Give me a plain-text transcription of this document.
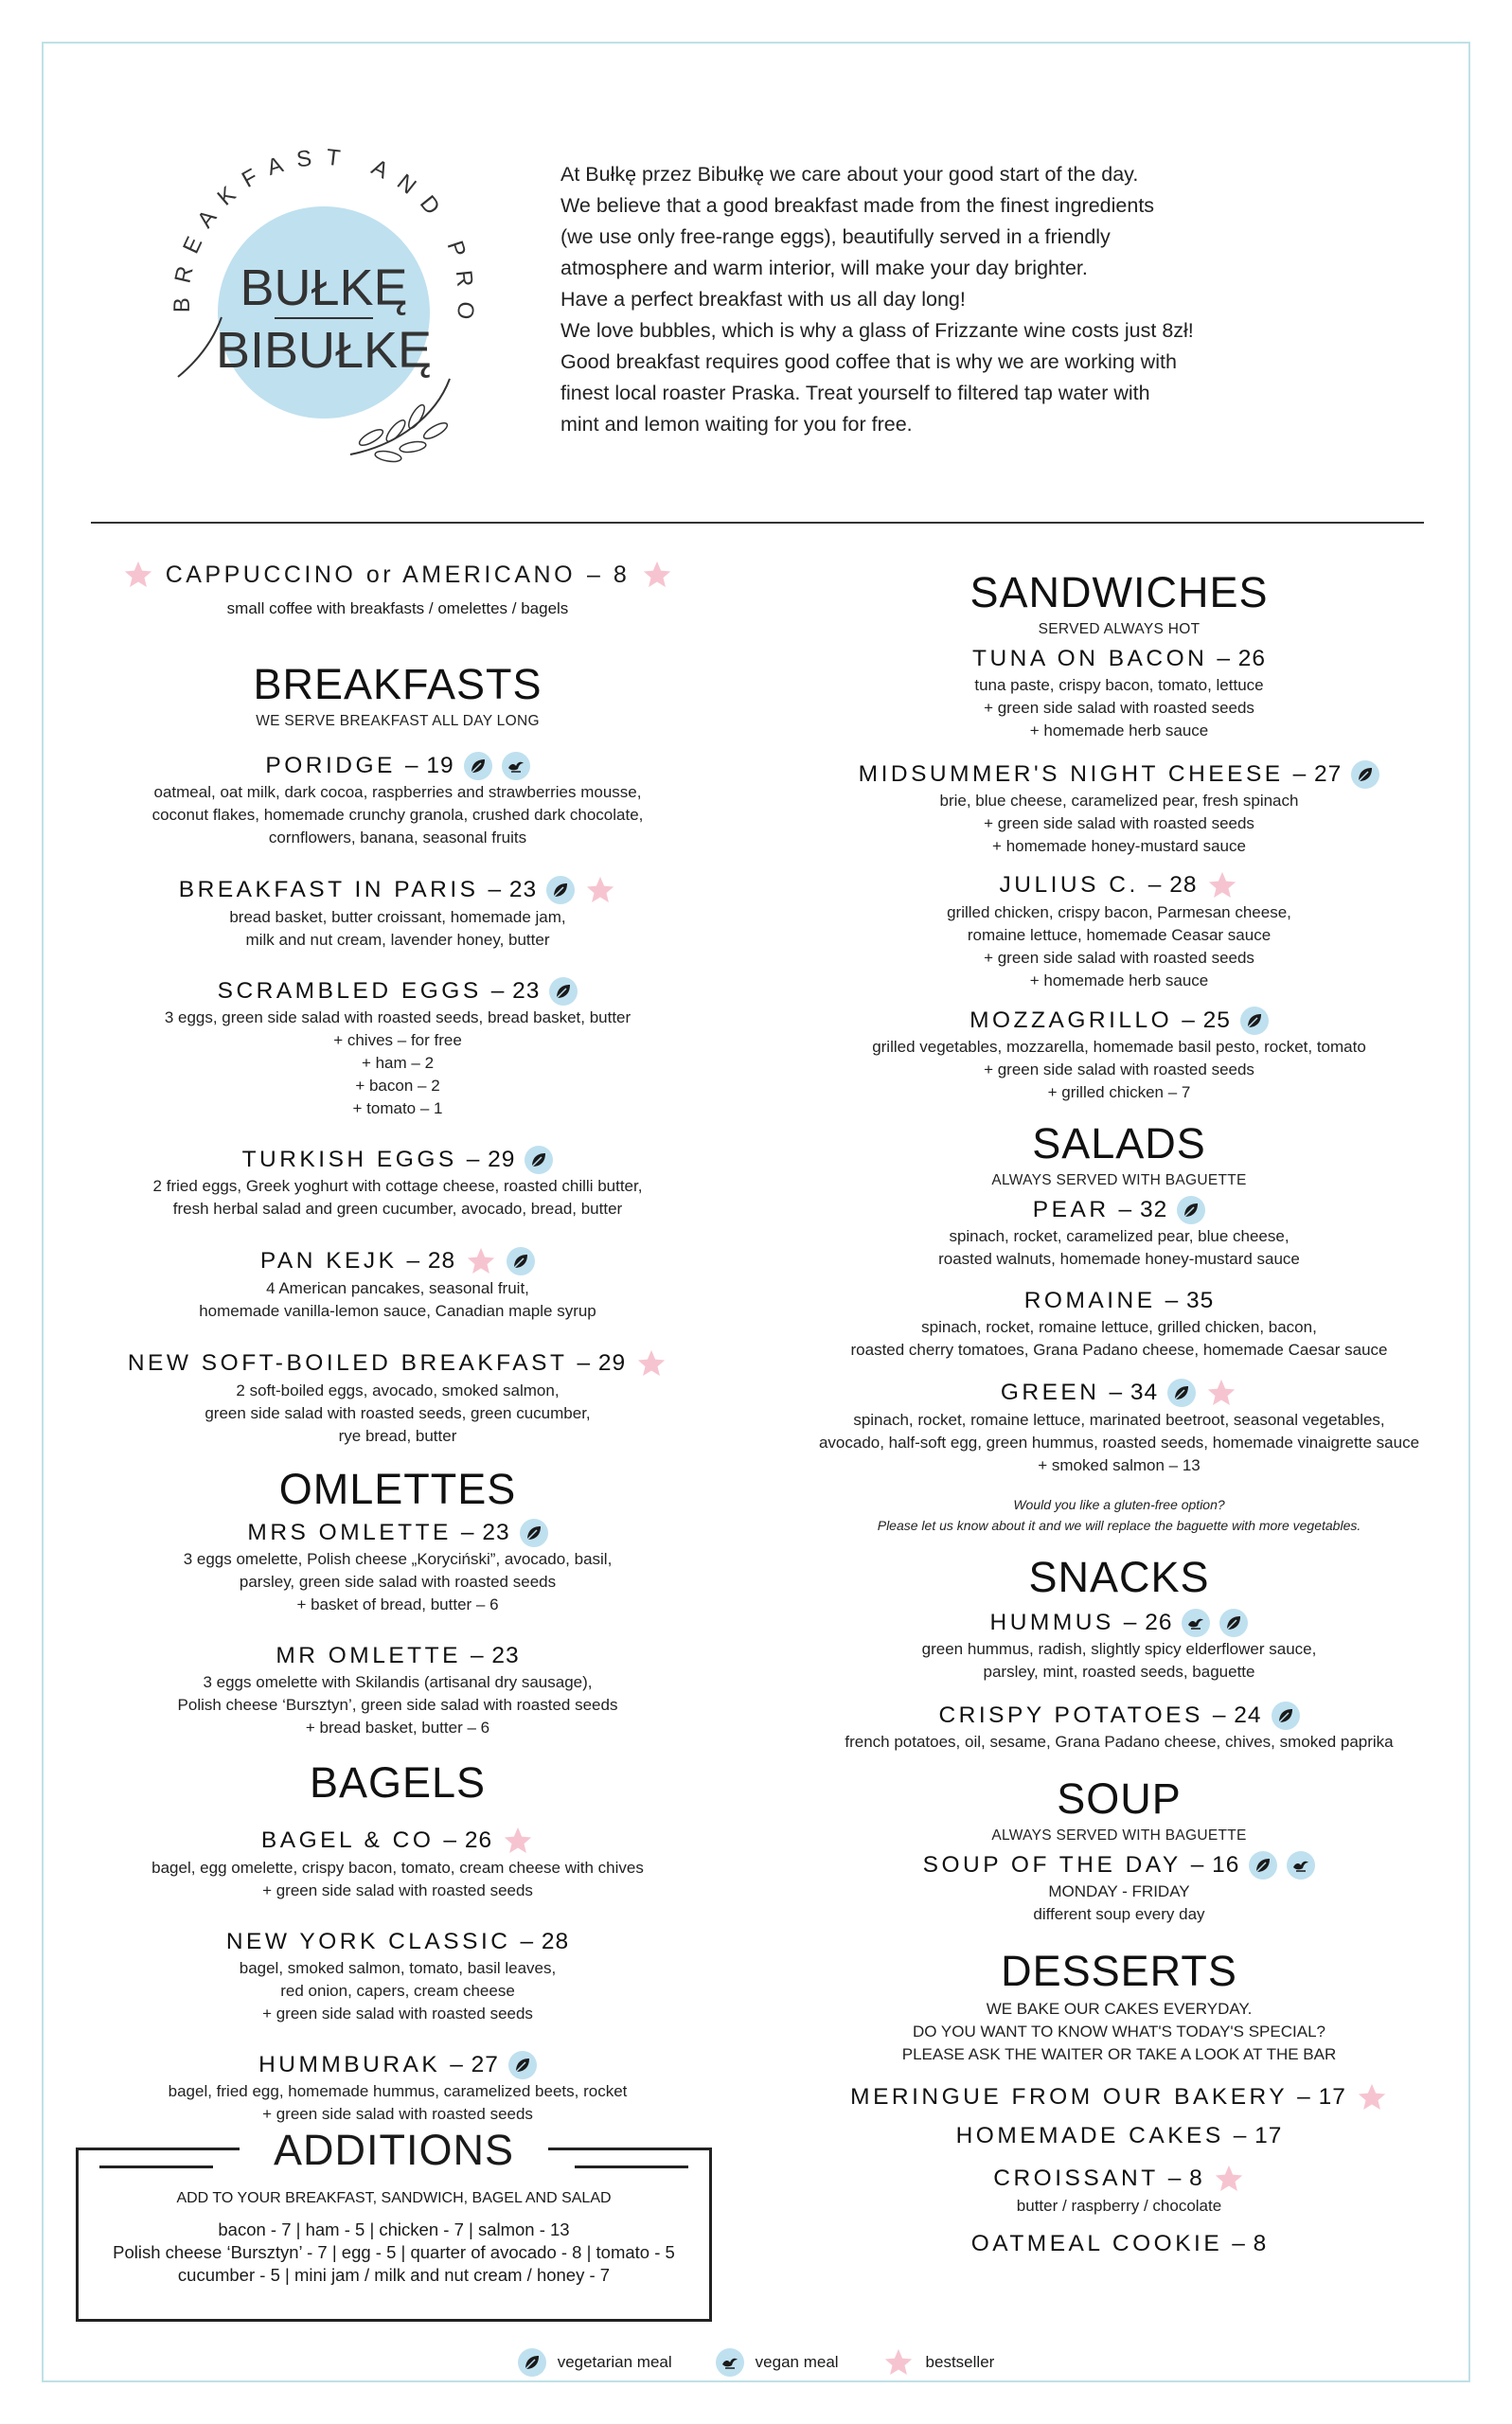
BREAKFAST AND PRO
BUŁKĘ
BIBUŁKĘ

At Bułkę przez Bibułkę we care about your good start of the day.

We believe that a good breakfast made from the finest ingredients

(we use only free-range eggs), beautifully served in a friendly

atmosphere and warm interior, will make your day brighter.

Have a perfect breakfast with us all day long!

We love bubbles, which is why a glass of Frizzante wine costs just 8zł!

Good breakfast requires good coffee that is why we are working with

finest local roaster Praska. Treat yourself to filtered tap water with

mint and lemon waiting for you for free.

CAPPUCCINO or AMERICANO – 8
small coffee with breakfasts / omelettes / bagels
BREAKFASTS
WE SERVE BREAKFAST ALL DAY LONG
PORIDGE – 19
oatmeal, oat milk, dark cocoa, raspberries and strawberries mousse,
coconut flakes, homemade crunchy granola, crushed dark chocolate,
cornflowers, banana, seasonal fruits
BREAKFAST IN PARIS – 23
bread basket, butter croissant, homemade jam,
milk and nut cream, lavender honey, butter
SCRAMBLED EGGS – 23
3 eggs, green side salad with roasted seeds, bread basket, butter
+ chives – for free
+ ham – 2
+ bacon – 2
+ tomato – 1
TURKISH EGGS – 29
2 fried eggs, Greek yoghurt with cottage cheese, roasted chilli butter,
fresh herbal salad and green cucumber, avocado, bread, butter
PAN KEJK – 28
4 American pancakes, seasonal fruit,
homemade vanilla-lemon sauce, Canadian maple syrup
NEW SOFT-BOILED BREAKFAST – 29
2 soft-boiled eggs, avocado, smoked salmon,
green side salad with roasted seeds, green cucumber,
rye bread, butter
OMLETTES
MRS OMLETTE – 23
3 eggs omelette, Polish cheese „Koryciński”, avocado, basil,
parsley, green side salad with roasted seeds
+ basket of bread, butter – 6
MR OMLETTE – 23
3 eggs omelette with Skilandis (artisanal dry sausage),
Polish cheese ‘Bursztyn’, green side salad with roasted seeds
+ bread basket, butter – 6
BAGELS
BAGEL & CO – 26
bagel, egg omelette, crispy bacon, tomato, cream cheese with chives
+ green side salad with roasted seeds
NEW YORK CLASSIC – 28
bagel, smoked salmon, tomato, basil leaves,
red onion, capers, cream cheese
+ green side salad with roasted seeds
HUMMBURAK – 27
bagel, fried egg, homemade hummus, caramelized beets, rocket
+ green side salad with roasted seeds
ADDITIONS
ADD TO YOUR BREAKFAST, SANDWICH, BAGEL AND SALAD
bacon - 7 | ham - 5 | chicken - 7 | salmon - 13
Polish cheese ‘Bursztyn’ - 7 | egg - 5 | quarter of avocado - 8 | tomato - 5
cucumber - 5 | mini jam / milk and nut cream / honey - 7
SANDWICHES
SERVED ALWAYS HOT
TUNA ON BACON – 26
tuna paste, crispy bacon, tomato, lettuce
+ green side salad with roasted seeds
+ homemade herb sauce
MIDSUMMER'S NIGHT CHEESE – 27
brie, blue cheese, caramelized pear, fresh spinach
+ green side salad with roasted seeds
+ homemade honey-mustard sauce
JULIUS C. – 28
grilled chicken, crispy bacon, Parmesan cheese,
romaine lettuce, homemade Ceasar sauce
+ green side salad with roasted seeds
+ homemade herb sauce
MOZZAGRILLO – 25
grilled vegetables, mozzarella, homemade basil pesto, rocket, tomato
+ green side salad with roasted seeds
+ grilled chicken – 7
SALADS
ALWAYS SERVED WITH BAGUETTE
PEAR – 32
spinach, rocket, caramelized pear, blue cheese,
roasted walnuts, homemade honey-mustard sauce
ROMAINE – 35
spinach, rocket, romaine lettuce, grilled chicken, bacon,
roasted cherry tomatoes, Grana Padano cheese, homemade Caesar sauce
GREEN – 34
spinach, rocket, romaine lettuce, marinated beetroot, seasonal vegetables,
avocado, half-soft egg, green hummus, roasted seeds, homemade vinaigrette sauce
+ smoked salmon – 13
Would you like a gluten-free option?
Please let us know about it and we will replace the baguette with more vegetables.
SNACKS
HUMMUS – 26
green hummus, radish, slightly spicy elderflower sauce,
parsley, mint, roasted seeds, baguette
CRISPY POTATOES – 24
french potatoes, oil, sesame, Grana Padano cheese, chives, smoked paprika
SOUP
ALWAYS SERVED WITH BAGUETTE
SOUP OF THE DAY – 16
MONDAY - FRIDAY
different soup every day
DESSERTS
WE BAKE OUR CAKES EVERYDAY.
DO YOU WANT TO KNOW WHAT'S TODAY'S SPECIAL?
PLEASE ASK THE WAITER OR TAKE A LOOK AT THE BAR
MERINGUE FROM OUR BAKERY – 17
HOMEMADE CAKES – 17
CROISSANT – 8
butter / raspberry / chocolate
OATMEAL COOKIE – 8
vegetarian meal	vegan meal	bestseller
